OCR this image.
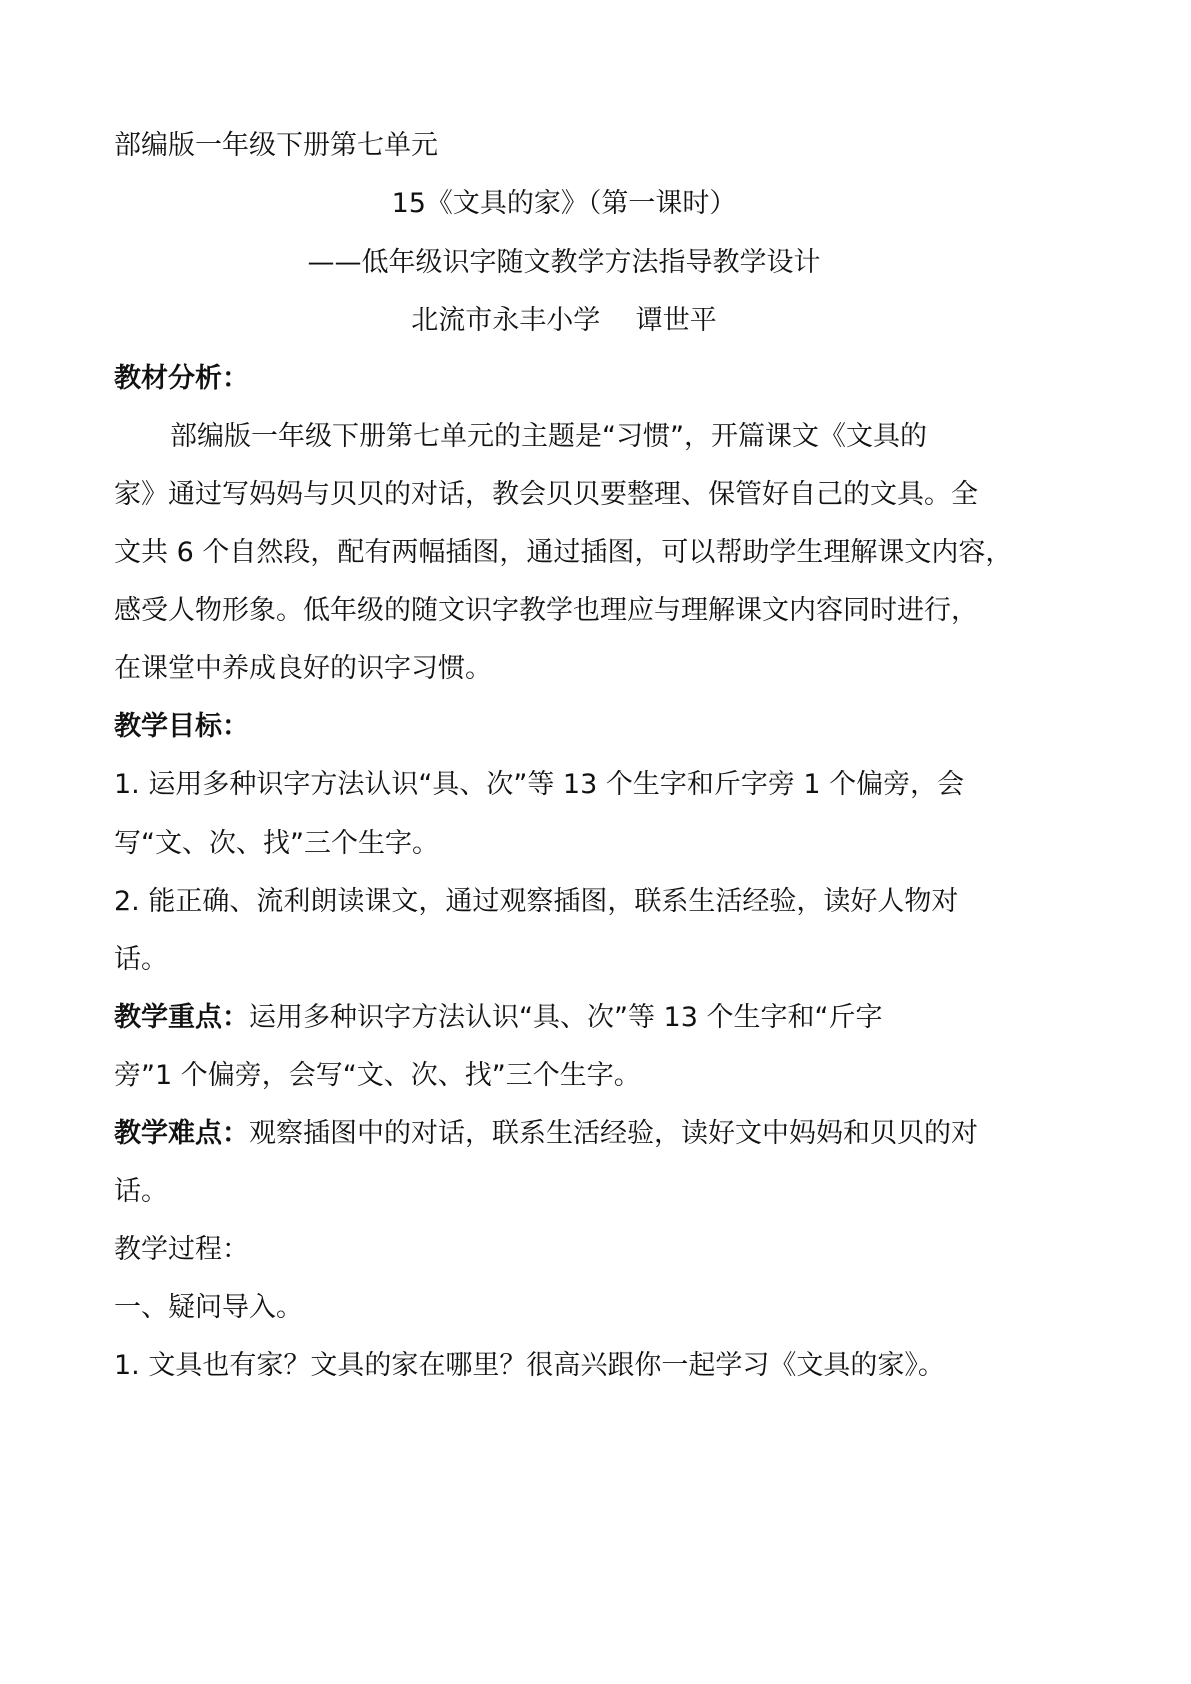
部编版一年级下册第七单元
15《文具的家》（第一课时）
——低年级识字随文教学方法指导教学设计
北流市永丰小学　 谭世平
教材分析：
部编版一年级下册第七单元的主题是“习惯”，开篇课文《文具的
家》通过写妈妈与贝贝的对话，教会贝贝要整理、保管好自己的文具。全
文共 6 个自然段，配有两幅插图，通过插图，可以帮助学生理解课文内容，
感受人物形象。低年级的随文识字教学也理应与理解课文内容同时进行，
在课堂中养成良好的识字习惯。
教学目标：
1. 运用多种识字方法认识“具、次”等 13 个生字和斤字旁 1 个偏旁，会
写“文、次、找”三个生字。
2. 能正确、流利朗读课文，通过观察插图，联系生活经验，读好人物对
话。
教学重点：运用多种识字方法认识“具、次”等 13 个生字和“斤字
旁”1 个偏旁，会写“文、次、找”三个生字。
教学难点：观察插图中的对话，联系生活经验，读好文中妈妈和贝贝的对
话。
教学过程：
一、疑问导入。
1. 文具也有家？文具的家在哪里？很高兴跟你一起学习《文具的家》。
